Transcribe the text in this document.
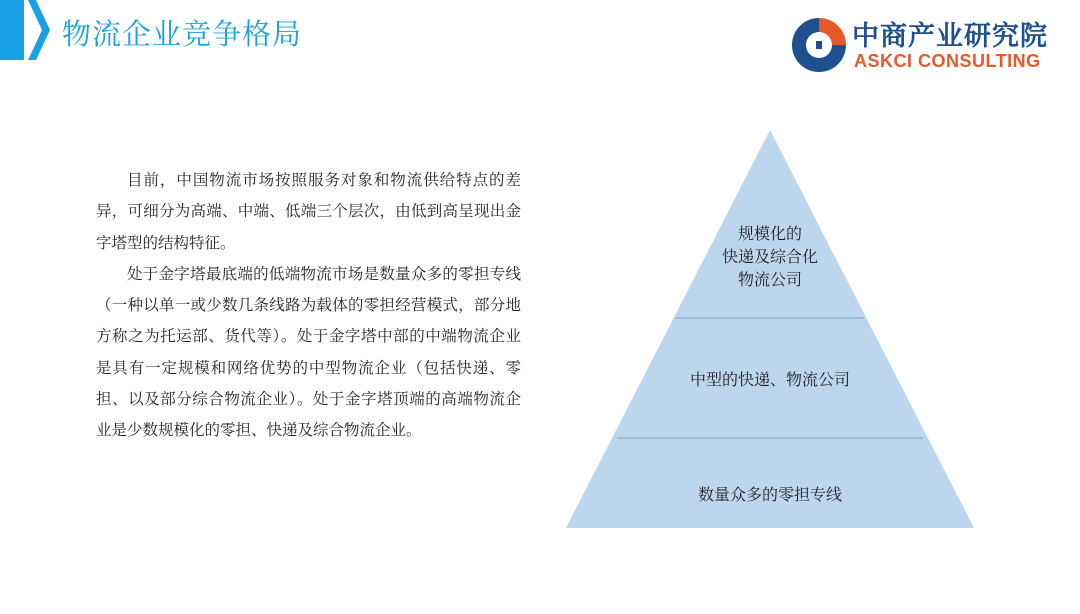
物流企业竞争格局	中商产业研究院
ASKCI CONSULTING

目前，中国物流市场按照服务对象和物流供给特点的差异，可细分为高端、中端、低端三个层次，由低到高呈现出金字塔型的结构特征。

处于金字塔最底端的低端物流市场是数量众多的零担专线（一种以单一或少数几条线路为载体的零担经营模式，部分地方称之为托运部、货代等）。处于金字塔中部的中端物流企业是具有一定规模和网络优势的中型物流企业（包括快递、零担、以及部分综合物流企业）。处于金字塔顶端的高端物流企业是少数规模化的零担、快递及综合物流企业。

规模化的
快递及综合化
物流公司
中型的快递、物流公司
数量众多的零担专线
